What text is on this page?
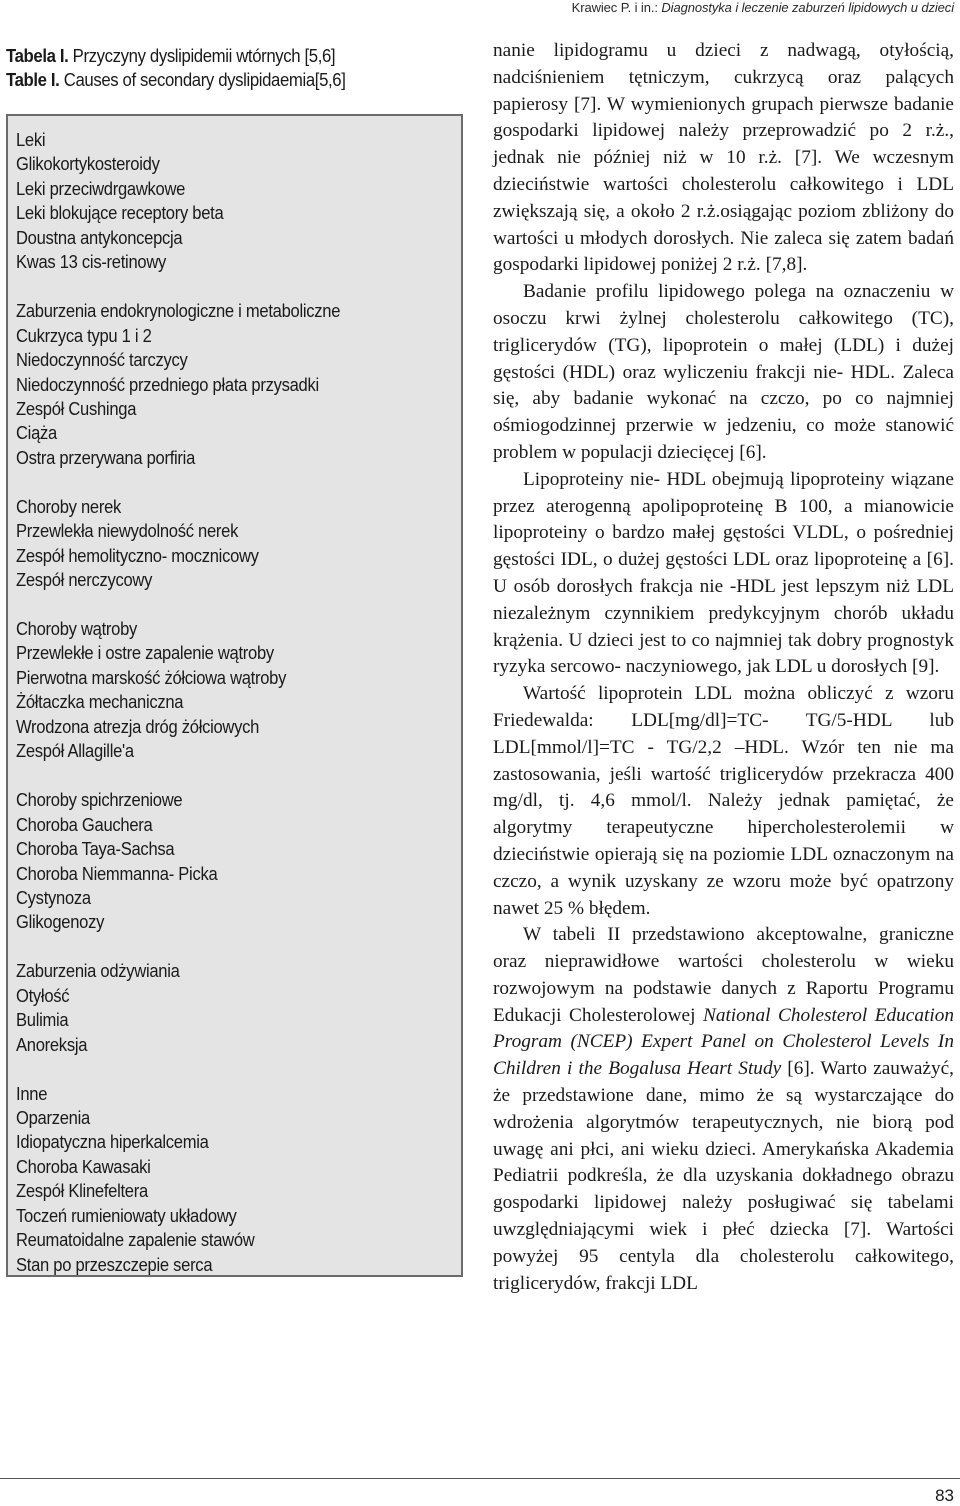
Krawiec P. i in.: Diagnostyka i leczenie zaburzeń lipidowych u dzieci
Tabela I. Przyczyny dyslipidemii wtórnych [5,6]
Table I. Causes of secondary dyslipidaemia[5,6]
Leki
Glikokortykosteroidy
Leki przeciwdrgawkowe
Leki blokujące receptory beta
Doustna antykoncepcja
Kwas 13 cis-retinowy
Zaburzenia endokrynologiczne i metaboliczne
Cukrzyca typu 1 i 2
Niedoczynność tarczycy
Niedoczynność przedniego płata przysadki
Zespół Cushinga
Ciąża
Ostra przerywana porfiria
Choroby nerek
Przewlekła niewydolność nerek
Zespół hemolityczno- mocznicowy
Zespół nerczycowy
Choroby wątroby
Przewlekłe i ostre zapalenie wątroby
Pierwotna marskość żółciowa wątroby
Żółtaczka mechaniczna
Wrodzona atrezja dróg żółciowych
Zespół Allagille'a
Choroby spichrzeniowe
Choroba Gauchera
Choroba Taya-Sachsa
Choroba Niemmanna- Picka
Cystynoza
Glikogenozy
Zaburzenia odżywiania
Otyłość
Bulimia
Anoreksja
Inne
Oparzenia
Idiopatyczna hiperkalcemia
Choroba Kawasaki
Zespół Klinefeltera
Toczeń rumieniowaty układowy
Reumatoidalne zapalenie stawów
Stan po przeszczepie serca

nanie lipidogramu u dzieci z nadwagą, otyłością, nadciśnieniem tętniczym, cukrzycą oraz palących papierosy [7]. W wymienionych grupach pierwsze badanie gospodarki lipidowej należy przeprowadzić po 2 r.ż., jednak nie później niż w 10 r.ż. [7]. We wczesnym dzieciństwie wartości cholesterolu całkowitego i LDL zwiększają się, a około 2 r.ż.osiągając poziom zbliżony do wartości u młodych dorosłych. Nie zaleca się zatem badań gospodarki lipidowej poniżej 2 r.ż. [7,8].

Badanie profilu lipidowego polega na oznaczeniu w osoczu krwi żylnej cholesterolu całkowitego (TC), triglicerydów (TG), lipoprotein o małej (LDL) i dużej gęstości (HDL) oraz wyliczeniu frakcji nie- HDL. Zaleca się, aby badanie wykonać na czczo, po co najmniej ośmiogodzinnej przerwie w jedzeniu, co może stanowić problem w populacji dziecięcej [6].

Lipoproteiny nie- HDL obejmują lipoproteiny wiązane przez aterogenną apolipoproteinę B 100, a mianowicie lipoproteiny o bardzo małej gęstości VLDL, o pośredniej gęstości IDL, o dużej gęstości LDL oraz lipoproteinę a [6]. U osób dorosłych frakcja nie -HDL jest lepszym niż LDL niezależnym czynnikiem predykcyjnym chorób układu krążenia. U dzieci jest to co najmniej tak dobry prognostyk ryzyka sercowo- naczyniowego, jak LDL u dorosłych [9].

Wartość lipoprotein LDL można obliczyć z wzoru Friedewalda: LDL[mg/dl]=TC- TG/5-HDL lub LDL[mmol/l]=TC - TG/2,2 –HDL. Wzór ten nie ma zastosowania, jeśli wartość triglicerydów przekracza 400 mg/dl, tj. 4,6 mmol/l. Należy jednak pamiętać, że algorytmy terapeutyczne hipercholesterolemii w dzieciństwie opierają się na poziomie LDL oznaczonym na czczo, a wynik uzyskany ze wzoru może być opatrzony nawet 25 % błędem.

W tabeli II przedstawiono akceptowalne, graniczne oraz nieprawidłowe wartości cholesterolu w wieku rozwojowym na podstawie danych z Raportu Programu Edukacji Cholesterolowej National Cholesterol Education Program (NCEP) Expert Panel on Cholesterol Levels In Children i the Bogalusa Heart Study [6]. Warto zauważyć, że przedstawione dane, mimo że są wystarczające do wdrożenia algorytmów terapeutycznych, nie biorą pod uwagę ani płci, ani wieku dzieci. Amerykańska Akademia Pediatrii podkreśla, że dla uzyskania dokładnego obrazu gospodarki lipidowej należy posługiwać się tabelami uwzględniającymi wiek i płeć dziecka [7]. Wartości powyżej 95 centyla dla cholesterolu całkowitego, triglicerydów, frakcji LDL

83
